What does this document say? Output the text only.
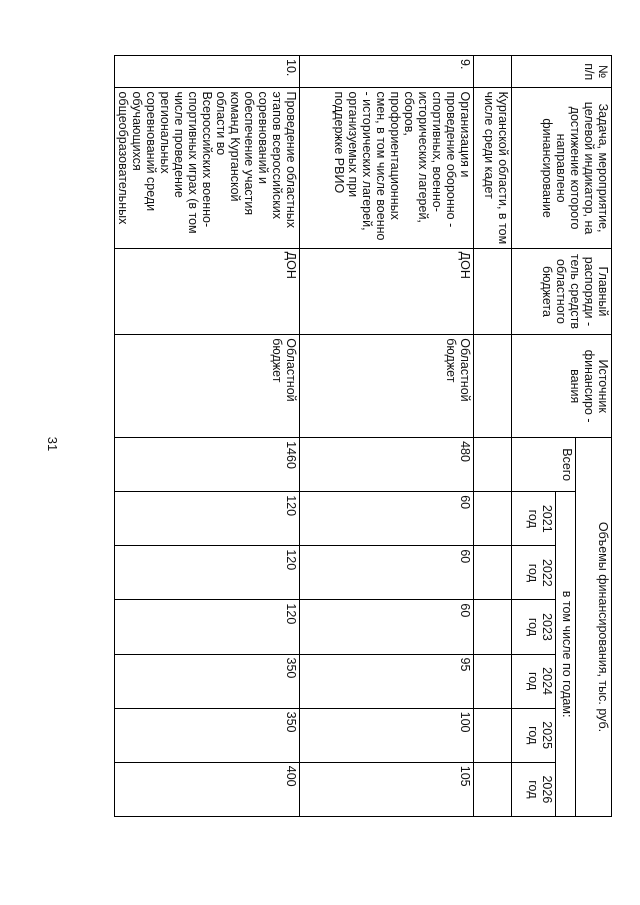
31
№ п/п	Задача, мероприятие, целевой индикатор, на достижение которого направлено финансирование	Главный распоряди - тель средств областного бюджета	Источник финансиро - вания	Объемы финансирования, тыс. руб.						
				Всего	в том числе по годам:					
					2021 год	2022 год	2023 год	2024 год	2025 год	2026 год
	Курганской области, в том числе среди кадет									
9.	Организация и проведение оборонно - спортивных, военно-исторических лагерей, сборов, профориентационных смен, в том числе военно - исторических лагерей, организуемых при поддержке РВИО	ДОН	Областной бюджет	480	60	60	60	95	100	105
10.	Проведение областных этапов всероссийских соревнований и обеспечение участия команд Курганской области во Всероссийских военно-спортивных играх (в том числе проведение региональных соревнований среди обучающихся общеобразовательных	ДОН	Областной бюджет	1460	120	120	120	350	350	400
